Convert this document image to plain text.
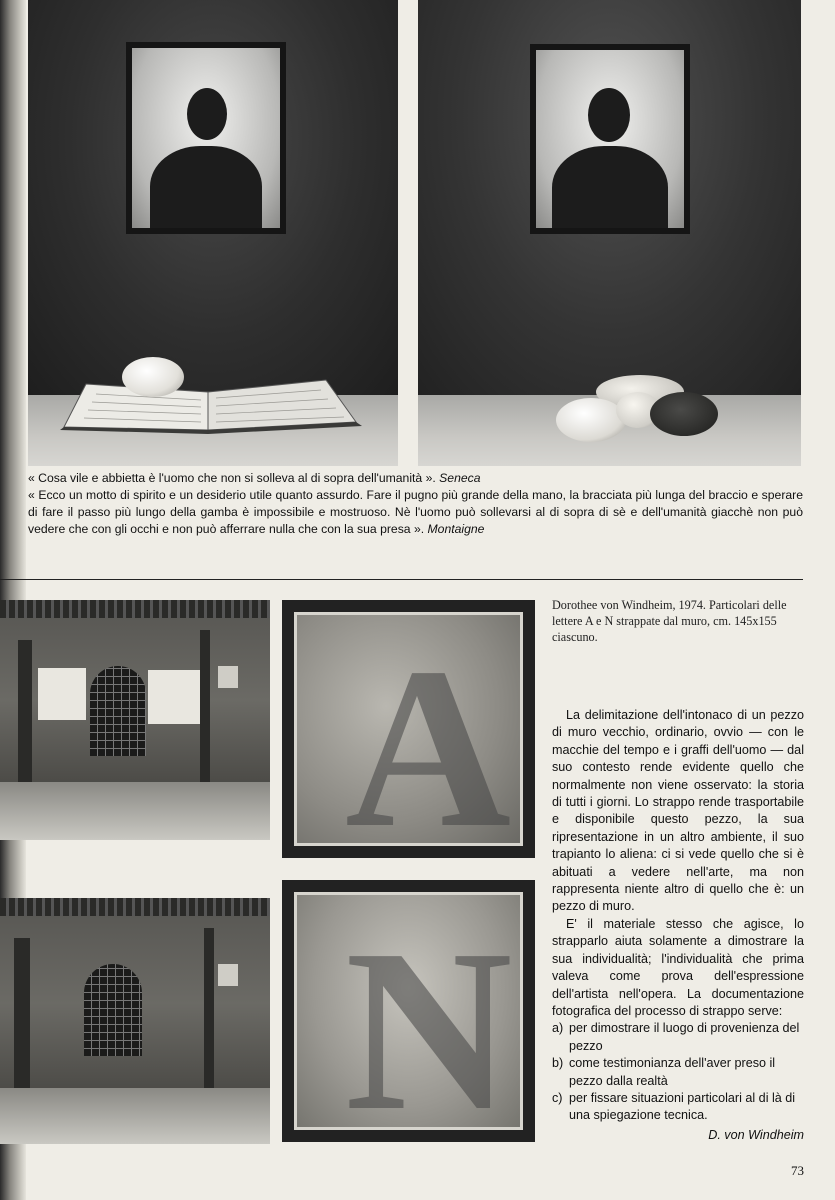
« Cosa vile e abbietta è l'uomo che non si solleva al di sopra dell'umanità ». Seneca

« Ecco un motto di spirito e un desiderio utile quanto assurdo. Fare il pugno più grande della mano, la bracciata più lunga del braccio e sperare di fare il passo più lungo della gamba è impossibile e mostruoso. Nè l'uomo può sollevarsi al di sopra di sè e dell'umanità giacchè non può vedere che con gli occhi e non può afferrare nulla che con la sua presa ». Montaigne

A
N
Dorothee von Windheim, 1974. Particolari delle lettere A e N strappate dal muro, cm. 145x155 ciascuno.

La delimitazione dell'intonaco di un pezzo di muro vecchio, ordinario, ovvio — con le macchie del tempo e i graffi dell'uomo — dal suo contesto rende evidente quello che normalmente non viene osservato: la storia di tutti i giorni. Lo strappo rende trasportabile e disponibile questo pezzo, la sua ripresentazione in un altro ambiente, il suo trapianto lo aliena: ci si vede quello che si è abituati a vedere nell'arte, ma non rappresenta niente altro di quello che è: un pezzo di muro.

E' il materiale stesso che agisce, lo strapparlo aiuta solamente a dimostrare la sua individualità; l'individualità che prima valeva come prova dell'espressione dell'artista nell'opera. La documentazione fotografica del processo di strappo serve:

a) per dimostrare il luogo di provenienza del pezzo
b) come testimonianza dell'aver preso il pezzo dalla realtà
c) per fissare situazioni particolari al di là di una spiegazione tecnica.
D. von Windheim
73
